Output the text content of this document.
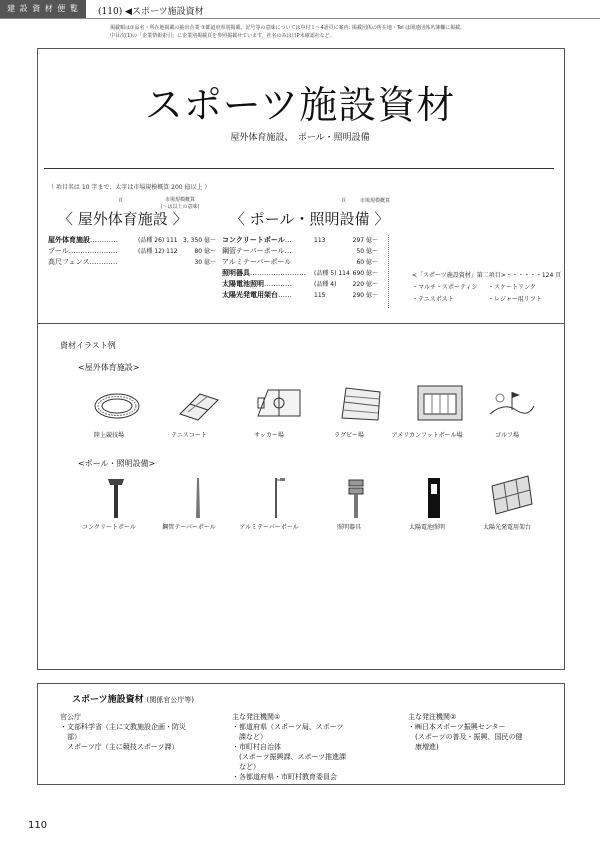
建 設 資 材 便 覧	(110) ◀スポーツ施設資材
掲載順は①品名・所在地掲載の抽出企業 ②都道府県別掲載、記号等の意味については中付１～4語頁に案内: 掲載団体の所在地・Tel は関連団体名簿欄に掲載。
中目次(1)の「企業情報索引」に企業別掲載頁を参照掲載せています。社名のみは日P未確認社など。
スポーツ施設資材
屋外体育施設、　ポール・照明設備
（ 項目名は 10 字まで、太字は市場規模概算 200 億以上 ）
頁	市場規模概算
(～は以上の意味)
〈 屋外体育施設 〉
屋外体育施設…………	(品種 26) 111 3, 350 億～
プール…………………	(品種 12) 112	80 億～
高尺フェンス…………	30 億～
頁	市場規模概算
〈 ポール・照明設備 〉
コンクリートポール…	113	297 億～
鋼管テーパーポール…	50 億～
アルミテーパーポール	60 億～
照明器具…………………… (品種 5) 114 690 億～
太陽電池照明…………	(品種 4)	220 億～
太陽光発電用架台……	115	290 億～
<「スポーツ施設資材」第二項目>・・・・・・124 頁
・マルチ・スポーティシ	・スケートリンク
・テニスポスト	・レジャー用リフト
資材イラスト例
<屋外体育施設>
陸上競技場	テニスコート	サッカー場	ラグビー場	アメリカンフットボール場	ゴルフ場
<ポール・照明設備>
コンクリートポール	鋼管テーパーポール	アルミテーパーポール	照明器具	太陽電池照明	太陽光発電用架台
スポーツ施設資材 (関係官公庁等)
官公庁
・文部科学省（主に文教施設企画・防災
　部）
　スポーツ庁（主に競技スポーツ課）
主な発注機関①
・都道府県（スポーツ局、スポーツ
　課など）
・市町村自治体
　(スポーツ振興課、スポーツ推進課
　など）
・各都道府県・市町村教育委員会
主な発注機関②
・㈱日本スポーツ振興センター
　(スポーツの普及・振興、国民の健
　康増進)
110
